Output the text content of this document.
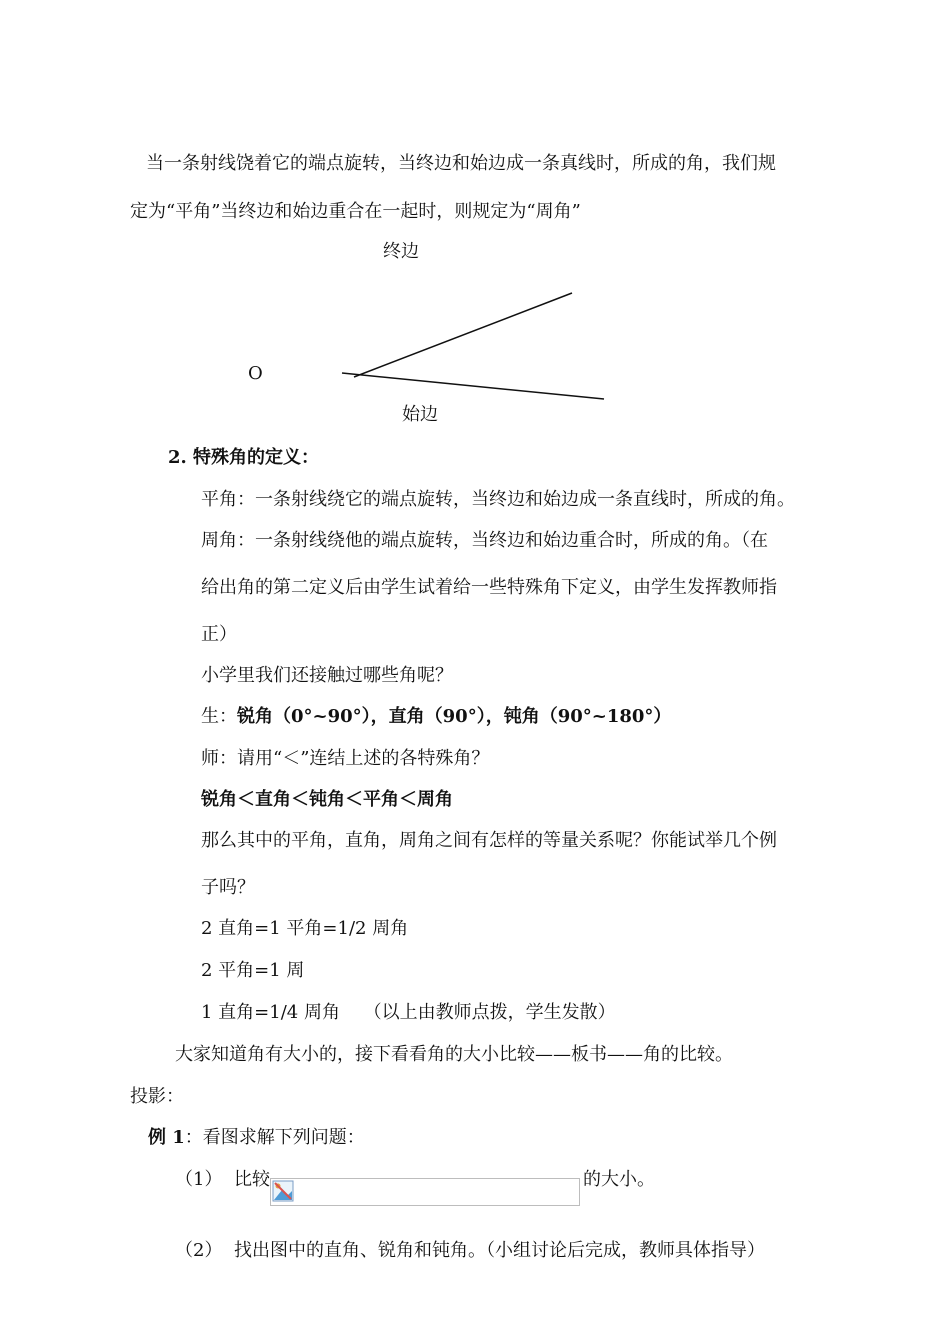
当一条射线饶着它的端点旋转，当终边和始边成一条真线时，所成的角，我们规
定为“平角”当终边和始边重合在一起时，则规定为“周角”
终边
O
始边
2. 特殊角的定义：
平角：一条射线绕它的端点旋转，当终边和始边成一条直线时，所成的角。
周角：一条射线绕他的端点旋转，当终边和始边重合时，所成的角。（在
给出角的第二定义后由学生试着给一些特殊角下定义，由学生发挥教师指
正）
小学里我们还接触过哪些角呢？
生：锐角（0°~90°），直角（90°），钝角（90°~180°）
师：请用“＜”连结上述的各特殊角？
锐角＜直角＜钝角＜平角＜周角
那么其中的平角，直角，周角之间有怎样的等量关系呢？你能试举几个例
子吗？
2 直角=1 平角=1/2 周角
2 平角=1 周
1 直角=1/4 周角　 （以上由教师点拨，学生发散）
大家知道角有大小的，接下看看角的大小比较——板书——角的比较。
投影：
例 1：看图求解下列问题：
（1） 比较	的大小。
（2） 找出图中的直角、锐角和钝角。（小组讨论后完成，教师具体指导）
